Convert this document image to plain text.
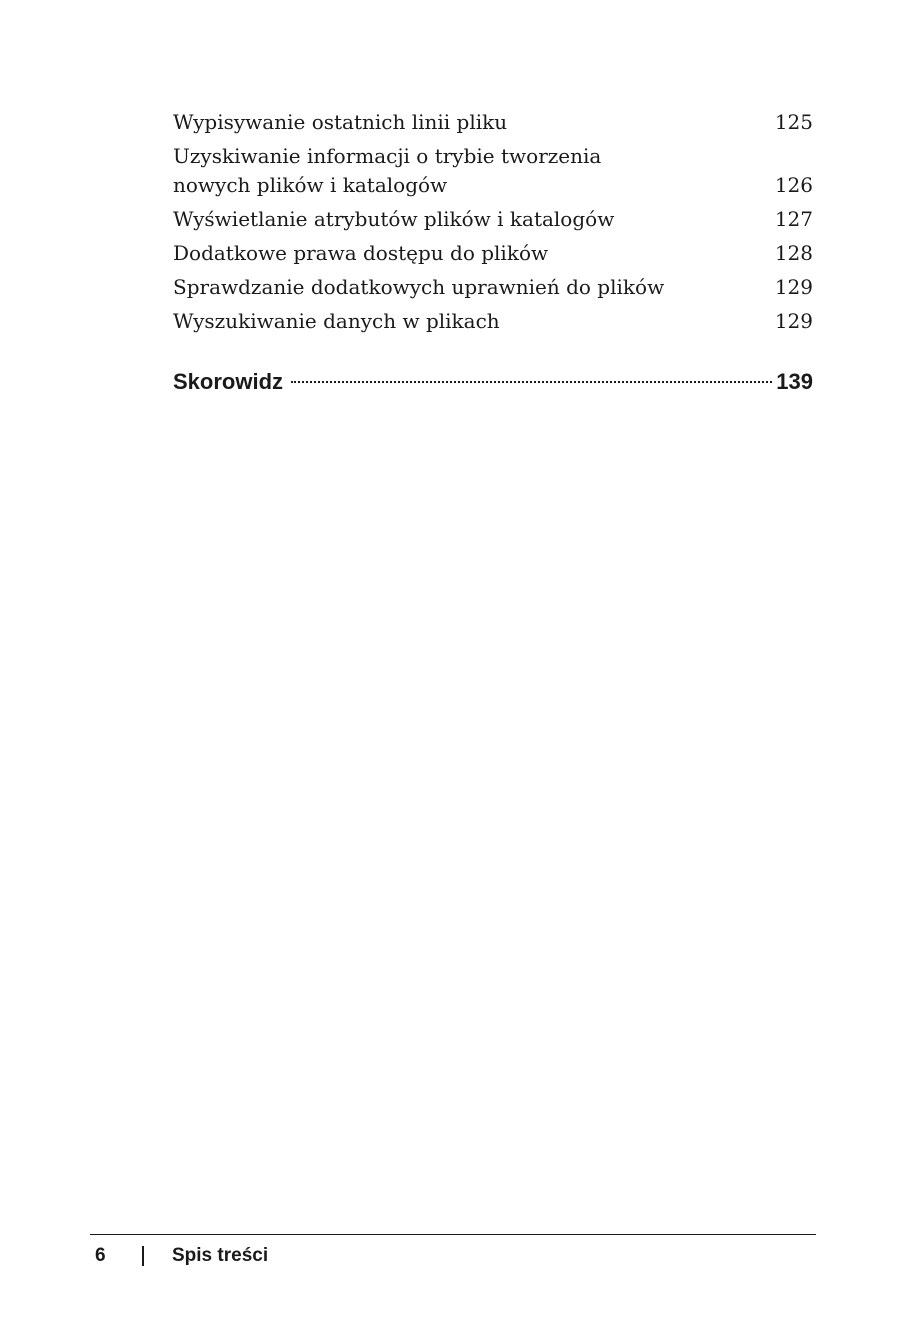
Wypisywanie ostatnich linii pliku	125
Uzyskiwanie informacji o trybie tworzenia nowych plików i katalogów	126
Wyświetlanie atrybutów plików i katalogów	127
Dodatkowe prawa dostępu do plików	128
Sprawdzanie dodatkowych uprawnień do plików	129
Wyszukiwanie danych w plikach	129
Skorowidz	139
6	Spis treści
